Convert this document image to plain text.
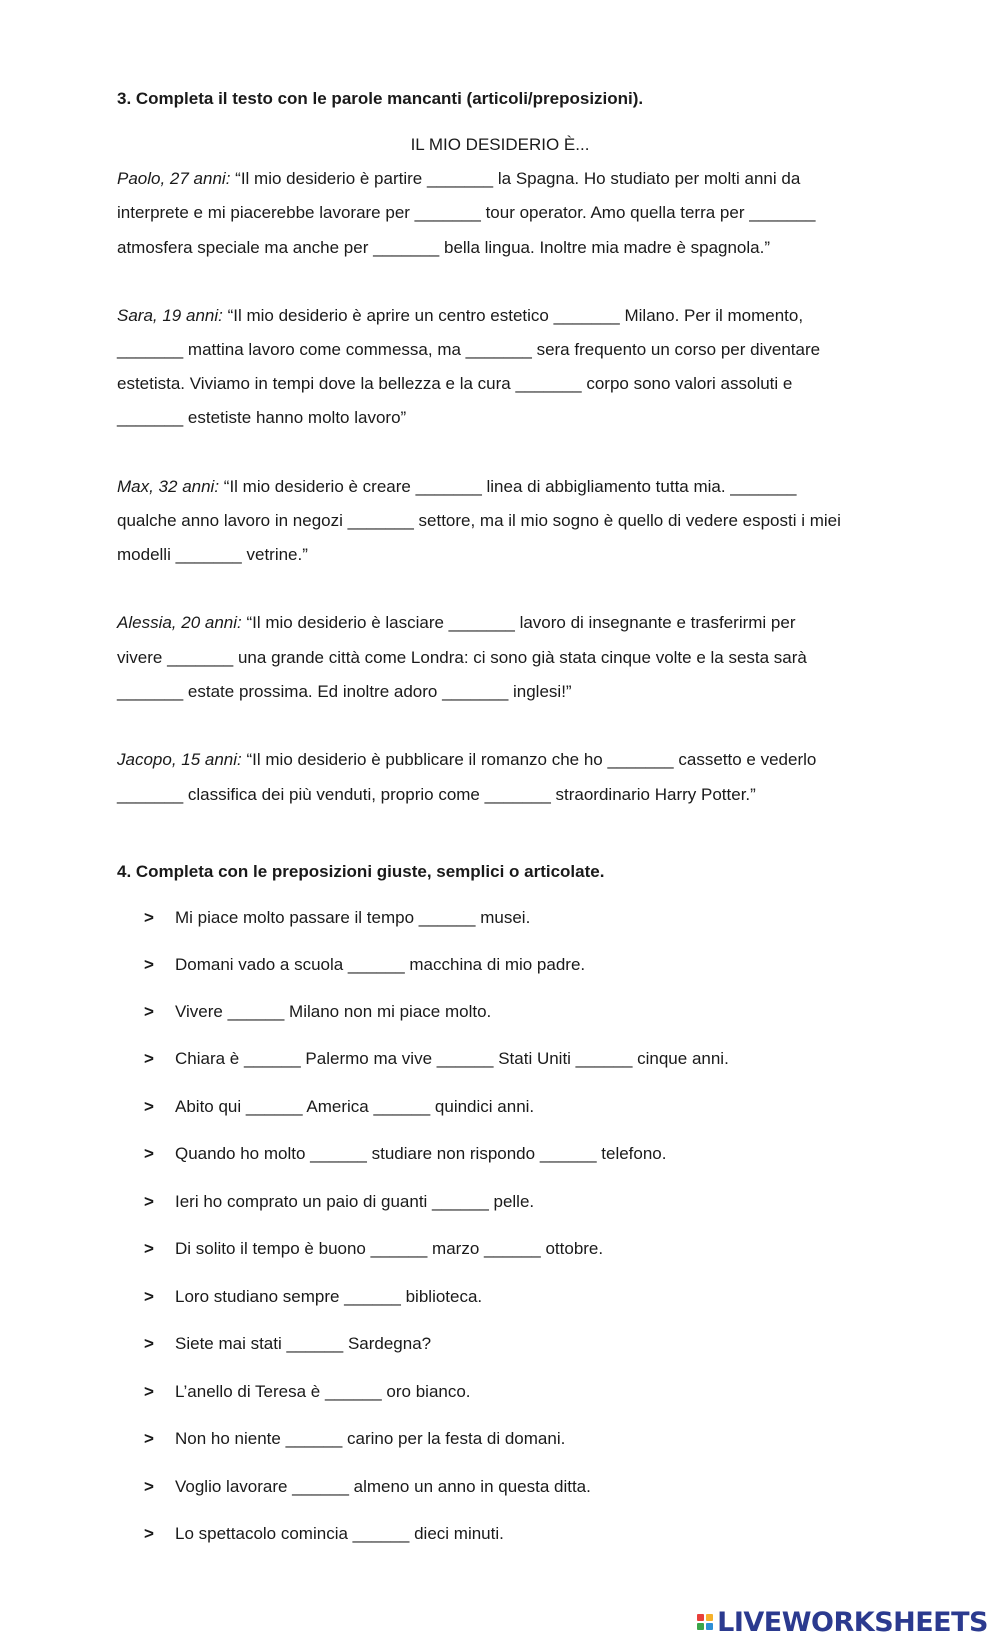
3. Completa il testo con le parole mancanti (articoli/preposizioni).
IL MIO DESIDERIO È...
Paolo, 27 anni: “Il mio desiderio è partire _______ la Spagna. Ho studiato per molti anni da
interprete e mi piacerebbe lavorare per _______ tour operator. Amo quella terra per _______
atmosfera speciale ma anche per _______ bella lingua. Inoltre mia madre è spagnola.”
Sara, 19 anni: “Il mio desiderio è aprire un centro estetico _______ Milano. Per il momento,
_______ mattina lavoro come commessa, ma _______ sera frequento un corso per diventare
estetista. Viviamo in tempi dove la bellezza e la cura _______ corpo sono valori assoluti e
_______ estetiste hanno molto lavoro”
Max, 32 anni: “Il mio desiderio è creare _______ linea di abbigliamento tutta mia. _______
qualche anno lavoro in negozi _______ settore, ma il mio sogno è quello di vedere esposti i miei
modelli _______ vetrine.”
Alessia, 20 anni: “Il mio desiderio è lasciare _______ lavoro di insegnante e trasferirmi per
vivere _______ una grande città come Londra: ci sono già stata cinque volte e la sesta sarà
_______ estate prossima. Ed inoltre adoro _______ inglesi!”
Jacopo, 15 anni: “Il mio desiderio è pubblicare il romanzo che ho _______ cassetto e vederlo
_______ classifica dei più venduti, proprio come _______ straordinario Harry Potter.”
4. Completa con le preposizioni giuste, semplici o articolate.
> Mi piace molto passare il tempo ______ musei.
> Domani vado a scuola ______ macchina di mio padre.
> Vivere ______ Milano non mi piace molto.
> Chiara è ______ Palermo ma vive ______ Stati Uniti ______ cinque anni.
> Abito qui ______ America ______ quindici anni.
> Quando ho molto ______ studiare non rispondo ______ telefono.
> Ieri ho comprato un paio di guanti ______ pelle.
> Di solito il tempo è buono ______ marzo ______ ottobre.
> Loro studiano sempre ______ biblioteca.
> Siete mai stati ______ Sardegna?
> L’anello di Teresa è ______ oro bianco.
> Non ho niente ______ carino per la festa di domani.
> Voglio lavorare ______ almeno un anno in questa ditta.
> Lo spettacolo comincia ______ dieci minuti.
LIVEWORKSHEETS
